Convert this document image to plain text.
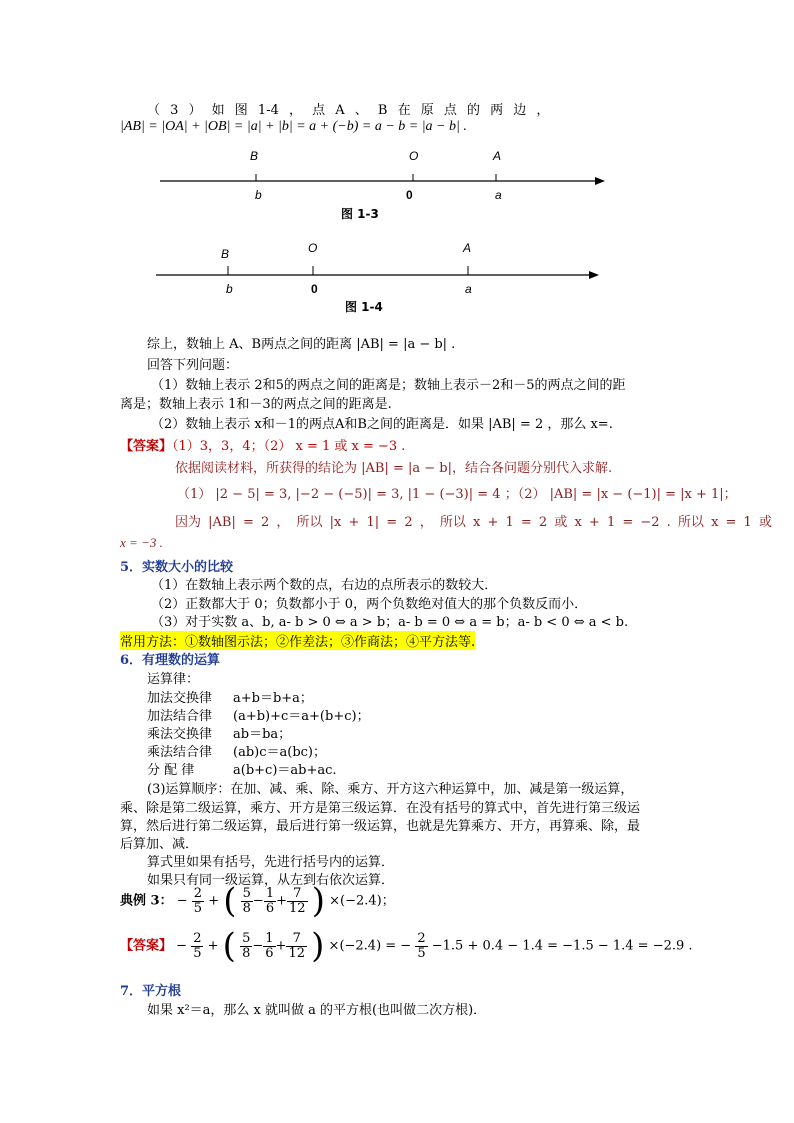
（ 3 ） 如 图 1-4 ， 点 A 、 B 在 原 点 的 两 边 ，
|AB| = |OA| + |OB| = |a| + |b| = a + (−b) = a − b = |a − b| .
B	O	A
b	0	a
图 1-3
B	O	A
b	0	a
图 1-4
综上，数轴上 A、B两点之间的距离 |AB| = |a − b| .
回答下列问题：
（1）数轴上表示 2和5的两点之间的距离是；数轴上表示－2和－5的两点之间的距
离是；数轴上表示 1和－3的两点之间的距离是.
（2）数轴上表示 x和－1的两点A和B之间的距离是．如果 |AB| = 2 ，那么 x=.
【答案】（1）3，3，4；（2） x = 1 或 x = −3 .
依据阅读材料，所获得的结论为 |AB| = |a − b|，结合各问题分别代入求解.
（1） |2 − 5| = 3, |−2 − (−5)| = 3, |1 − (−3)| = 4 ；（2） |AB| = |x − (−1)| = |x + 1|；
因为 |AB| = 2 ， 所以 |x + 1| = 2 ， 所以 x + 1 = 2 或 x + 1 = −2 . 所以 x = 1 或
x = −3 .
5．实数大小的比较
（1）在数轴上表示两个数的点，右边的点所表示的数较大．
（2）正数都大于 0；负数都小于 0，两个负数绝对值大的那个负数反而小．
（3）对于实数 a、b, a- b > 0 ⇔ a > b；a- b = 0 ⇔ a = b；a- b < 0 ⇔ a < b.
常用方法：①数轴图示法；②作差法；③作商法；④平方法等.
6．有理数的运算
运算律：
加法交换律 a+b＝b+a；
加法结合律 (a+b)+c＝a+(b+c)；
乘法交换律 ab＝ba；
乘法结合律 (ab)c＝a(bc)；
分 配 律	a(b+c)＝ab+ac.
(3)运算顺序：在加、减、乘、除、乘方、开方这六种运算中，加、减是第一级运算，
乘、除是第二级运算，乘方、开方是第三级运算．在没有括号的算式中，首先进行第三级运
算，然后进行第二级运算，最后进行第一级运算，也就是先算乘方、开方，再算乘、除，最
后算加、减．
算式里如果有括号，先进行括号内的运算．
如果只有同一级运算，从左到右依次运算．
典例 3： − $\frac{2}{5}$ + ( $\frac{5}{8} - \frac{1}{6} + \frac{7}{12}$ ) ×(−2.4)；
【答案】 − $\frac{2}{5}$ + ( $\frac{5}{8} - \frac{1}{6} + \frac{7}{12}$ ) ×(−2.4) = − $\frac{2}{5} -1.5 + 0.4 - 1.4 = -1.5 - 1.4 = -2.9$ .
7．平方根
如果 x²＝a，那么 x 就叫做 a 的平方根(也叫做二次方根)．
